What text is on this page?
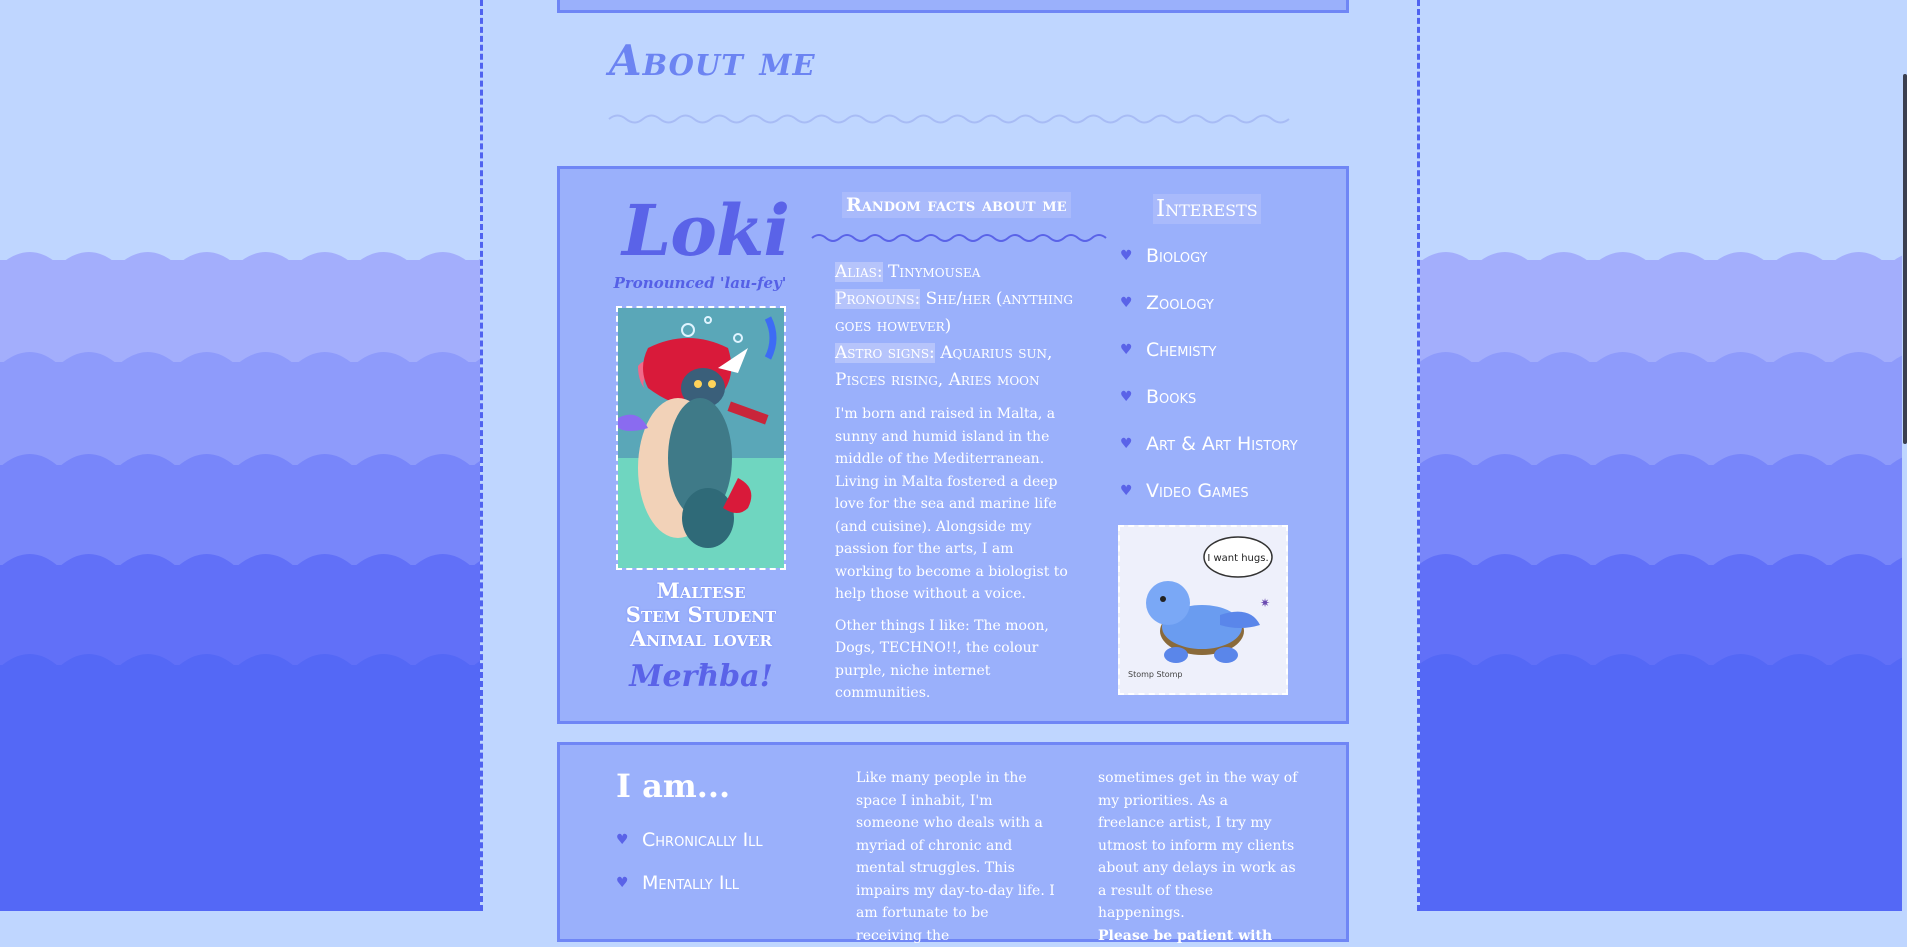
About me
Loki
Pronounced 'lau-fey'
Maltese
Stem Student
Animal lover
Merħba!
Random facts about me
Alias: Tinymousea
Pronouns: She/her (anything goes however)
Astro signs: Aquarius sun, Pisces rising, Aries moon

I'm born and raised in Malta, a sunny and humid island in the middle of the Mediterranean. Living in Malta fostered a deep love for the sea and marine life (and cuisine). Alongside my passion for the arts, I am working to become a biologist to help those without a voice.

Other things I like: The moon, Dogs, TECHNO!!, the colour purple, niche internet communities.

Interests
♥ Biology
♥ Zoology
♥ Chemisty
♥ Books
♥ Art & Art History
♥ Video Games
I want hugs.
Stomp Stomp
✷
I am...
♥ Chronically Ill
♥ Mentally Ill
Like many people in the space I inhabit, I'm someone who deals with a myriad of chronic and mental struggles. This impairs my day-to-day life. I am fortunate to be receiving the
sometimes get in the way of my priorities. As a freelance artist, I try my utmost to inform my clients about any delays in work as a result of these happenings.
Please be patient with
